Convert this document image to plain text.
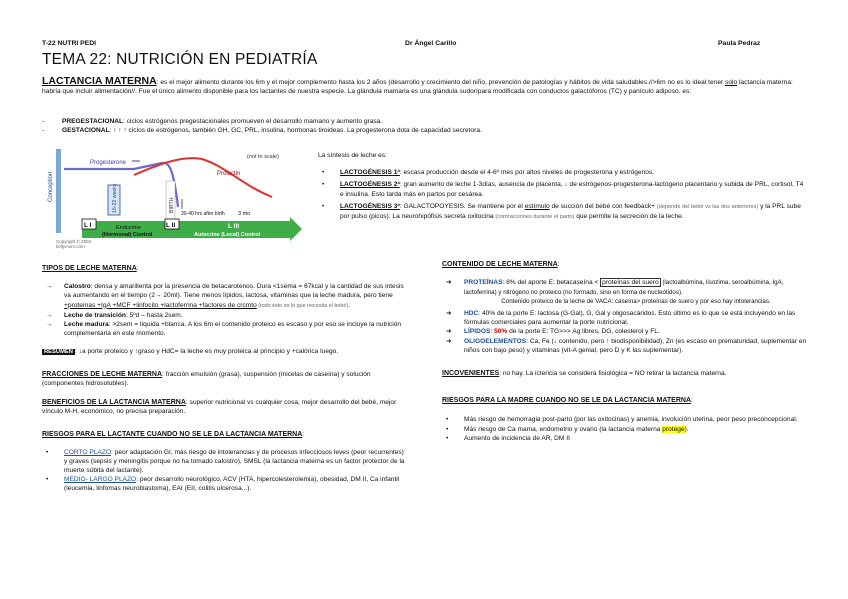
T-22 NUTRI PEDI	Dr Ángel Carillo	Paula Pedraz
TEMA 22: NUTRICIÓN EN PEDIATRÍA
LACTANCIA MATERNA: es el mejor alimento durante los 6m y el mejor complemento hasta los 2 años (desarrollo y crecimiento del niño, prevención de patologías y hábitos de vida saludables.//>6m no es lo ideal tener solo lactancia materna: habría que incluir alimentación//. Fue el único alimento disponible para los lactantes de nuestra especie. La glándula mamaria es una glándula sudorípara modificada con conductos galactóforos (TC) y panículo adiposo. es:
-	PREGESTACIONAL: ciclos estrógenos pregestacionales promueven el desarrollo mamario y aumento grasa.
-	GESTACIONAL: ↑ ↑ ↑ ciclos de estrógenos, también GH, GC, PRL, insulina, hormonas tiroideas. La progesterona dota de capacidad secretora.
(not to scale)
Conception
Progesterone
Prolactin
16-22 weeks	BIRTH
30-40 hrs after birth 3 mo
L I	L II	L III
Endocrine
(Hormonal) Control	Autocrine (Local) Control
Copyright © 2004
kellymom.com
La síntesis de leche es:
• LACTOGÉNESIS 1ª: escasa producción desde el 4-6º mes por altos niveles de progesterona y estrógenos.
• LACTOGÉNESIS 2ª: gran aumento de leche 1-3días, ausencia de placenta, ↓ de estrógenos-progesterona-lactógeno placentario y subida de PRL, cortisol, T4 e insulina. Esto tarda más en partos por cesárea.
• LACTOGÉNESIS 3ª: GALACTOPOYESIS. Se mantiene por el estímulo de succión del bebé con feedback+ (depende del bebé vs las dos anteriores) y la PRL sube por pulso (picos). La neurohipófisis secreta oxitocina (contracciones durante el parto) que permite la secreción de la leche.
TIPOS DE LECHE MATERNA:
→ Calostro: densa y amarillenta por la presencia de betacarotenos. Dura <1sema = 67kcal y la cantidad de sus intesis va aumentando en el tiempo (2→ 20ml). Tiene menos lípidos, lactosa, vitaminas que la leche madura, pero tiene +proteínas +IgA +MCF +linfocito +lactoferrina +factores de crcmto (todo esto es lo que necesita el bebé).
→ Leche de transición: 5ºd – hasta 2sem.
→ Leche madura: >2sem = líquida +blanca. A los 6m el contenido proteico es escaso y por eso se incluye la nutrición complementaria en este momento.
RESUMEN : ↓a porte proteico y ↑graso y HdC= la leche es muy proteica al principio y +calórica luego.
FRACCIONES DE LECHE MATERNA: fracción emulsión (grasa), suspensión (micelas de caseína) y solución (componentes hidrosolubles).
BENEFICIOS DE LA LACTANCIA MATERNA: superior nutricional vs cualquier cosa, mejor desarrollo del bebé, mejor vínculo M-H, económico, no precisa preparación.
RIESGOS PARA EL LACTANTE CUANDO NO SE LE DA LACTANCIA MATERNA:
• CORTO PLAZO: peor adaptación GI, más riesgo de intolerancias y de procesos infecciosos leves (peor recurrentes) y graves (sepsis y meningitis porque no ha tomado calostro), SMSL (la lactancia materna es un factor protector de la muerte súbita del lactante).
• MEDIO- LARGO PLAZO: peor desarrollo neurológico, ACV (HTA, hipercolesterolemia), obesidad, DM II, Ca infantil (leucemia, linfomas neuroblastoma), EAI (EII, colitis ulcerosa...).
CONTENIDO DE LECHE MATERNA:
➜ PROTEÍNAS: 8% del aporte E: betacaseína < proteínas del suero (lactoalbúmina, lisozima, seroalbúmina, IgA, lactoferrina) y nitrógeno no proteico (no formado, sino en forma de nucleótidos).
Contenido proteico de la leche de VACA: caseína> proteínas de suero y por eso hay intolerancias.
➜ HDC: 40% de la porte E: lactosa (G-Gal), G, Gal y oligosacáridos. Esto último es lo que se está incluyendo en las fórmulas comerciales para aumentar la porte nutricional.
➜ LÍPIDOS: 50% de la porte E: TG>>> Ag libres, DG, colesterol y FL.
➜ OLIGOELEMENTOS: Ca, Fe (↓ contenido, pero ↑ biodisponibilidad), Zn (es escaso en prematuridad, suplementar en niños con bajo peso) y vitaminas (vit-A genial, pero D y K las suplementar).
INCOVENIENTES: no hay. La ictericia se considera fisiológica = NO retirar la lactancia materna.
RIESGOS PARA LA MADRE CUANDO NO SE LE DA LACTANCIA MATERNA:
• Más riesgo de hemorragia post-parto (por las oxitocinas) y anemia, involución uterina, peor peso preconcepcional.
• Más riesgo de Ca mama, endometrio y ovario (la lactancia materna protege).
• Aumento de incidencia de AR, DM II
